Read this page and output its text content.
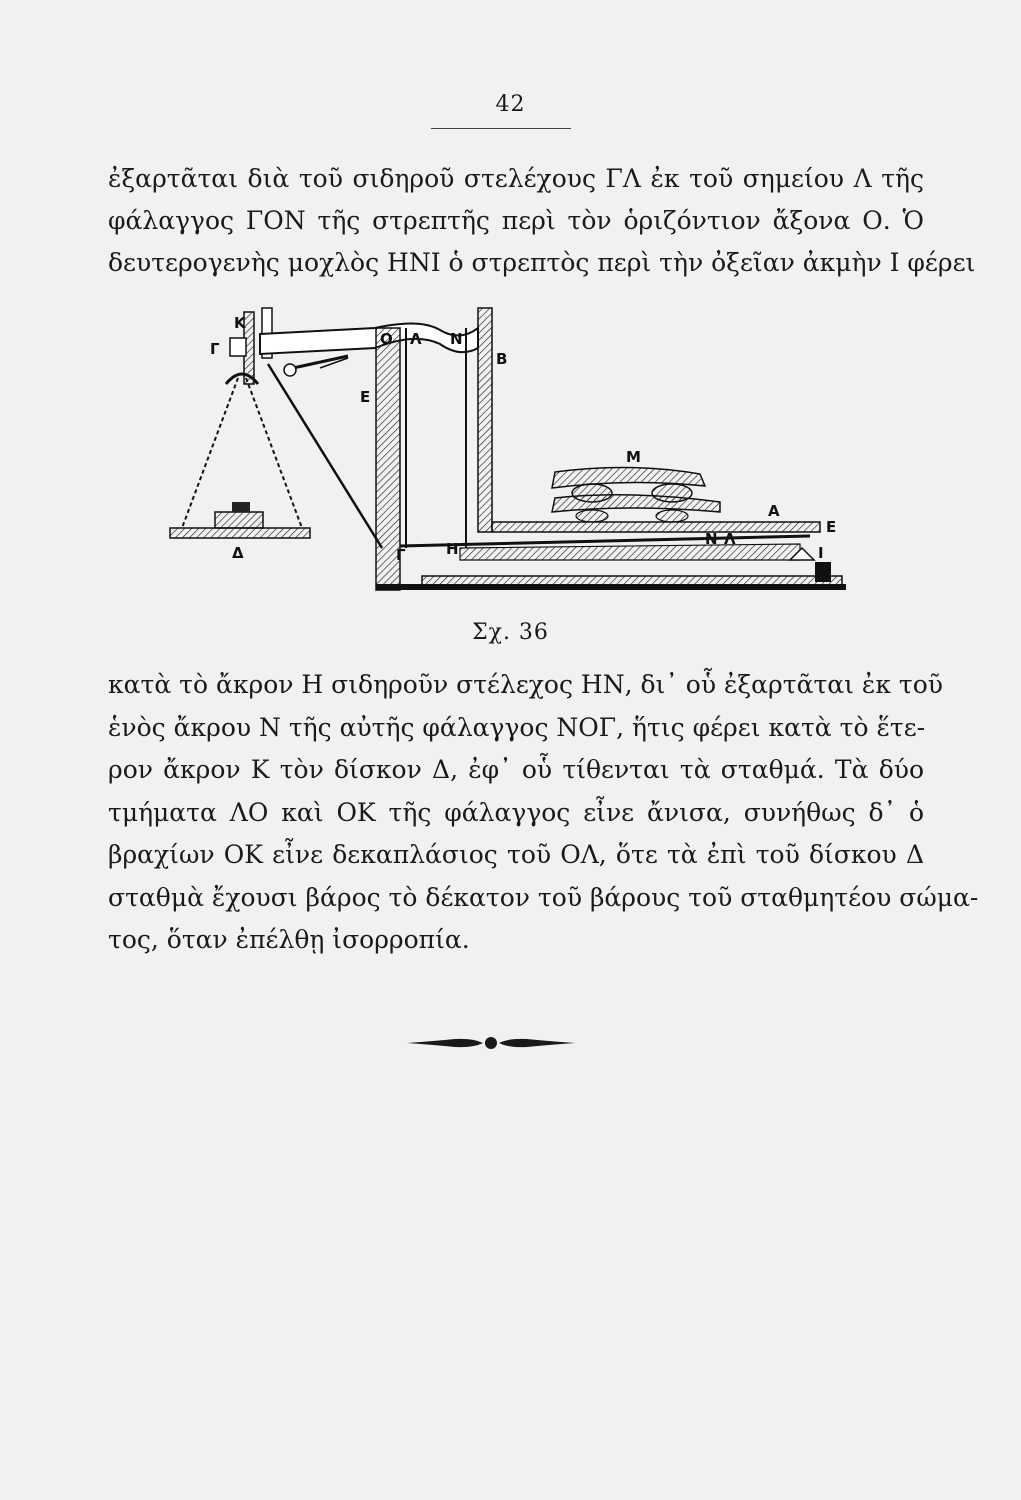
42

ἐξαρτᾶται διὰ τοῦ σιδηροῦ στελέχους ΓΛ ἐκ τοῦ σημείου Λ τῆς
φάλαγγος ΓΟΝ τῆς στρεπτῆς περὶ τὸν ὁριζόντιον ἄξονα Ο. Ὁ
δευτερογενὴς μοχλὸς ΗΝΙ ὁ στρεπτὸς περὶ τὴν ὀξεῖαν ἀκμὴν Ι φέρει

Κ
Γ
Ο Λ Ν
Β
Ε
Μ
Α
Ε
Ν Λ
Ι
Δ	Γ	Η
Σχ. 36

κατὰ τὸ ἄκρον Η σιδηροῦν στέλεχος ΗΝ, δι᾽ οὗ ἐξαρτᾶται ἐκ τοῦ
ἑνὸς ἄκρου Ν τῆς αὐτῆς φάλαγγος ΝΟΓ, ἥτις φέρει κατὰ τὸ ἕτε-
ρον ἄκρον Κ τὸν δίσκον Δ, ἐφ᾽ οὗ τίθενται τὰ σταθμά. Τὰ δύο
τμήματα ΛΟ καὶ ΟΚ τῆς φάλαγγος εἶνε ἄνισα, συνήθως δ᾽ ὁ
βραχίων ΟΚ εἶνε δεκαπλάσιος τοῦ ΟΛ, ὅτε τὰ ἐπὶ τοῦ δίσκου Δ
σταθμὰ ἔχουσι βάρος τὸ δέκατον τοῦ βάρους τοῦ σταθμητέου σώμα-
τος, ὅταν ἐπέλθῃ ἰσορροπία.
